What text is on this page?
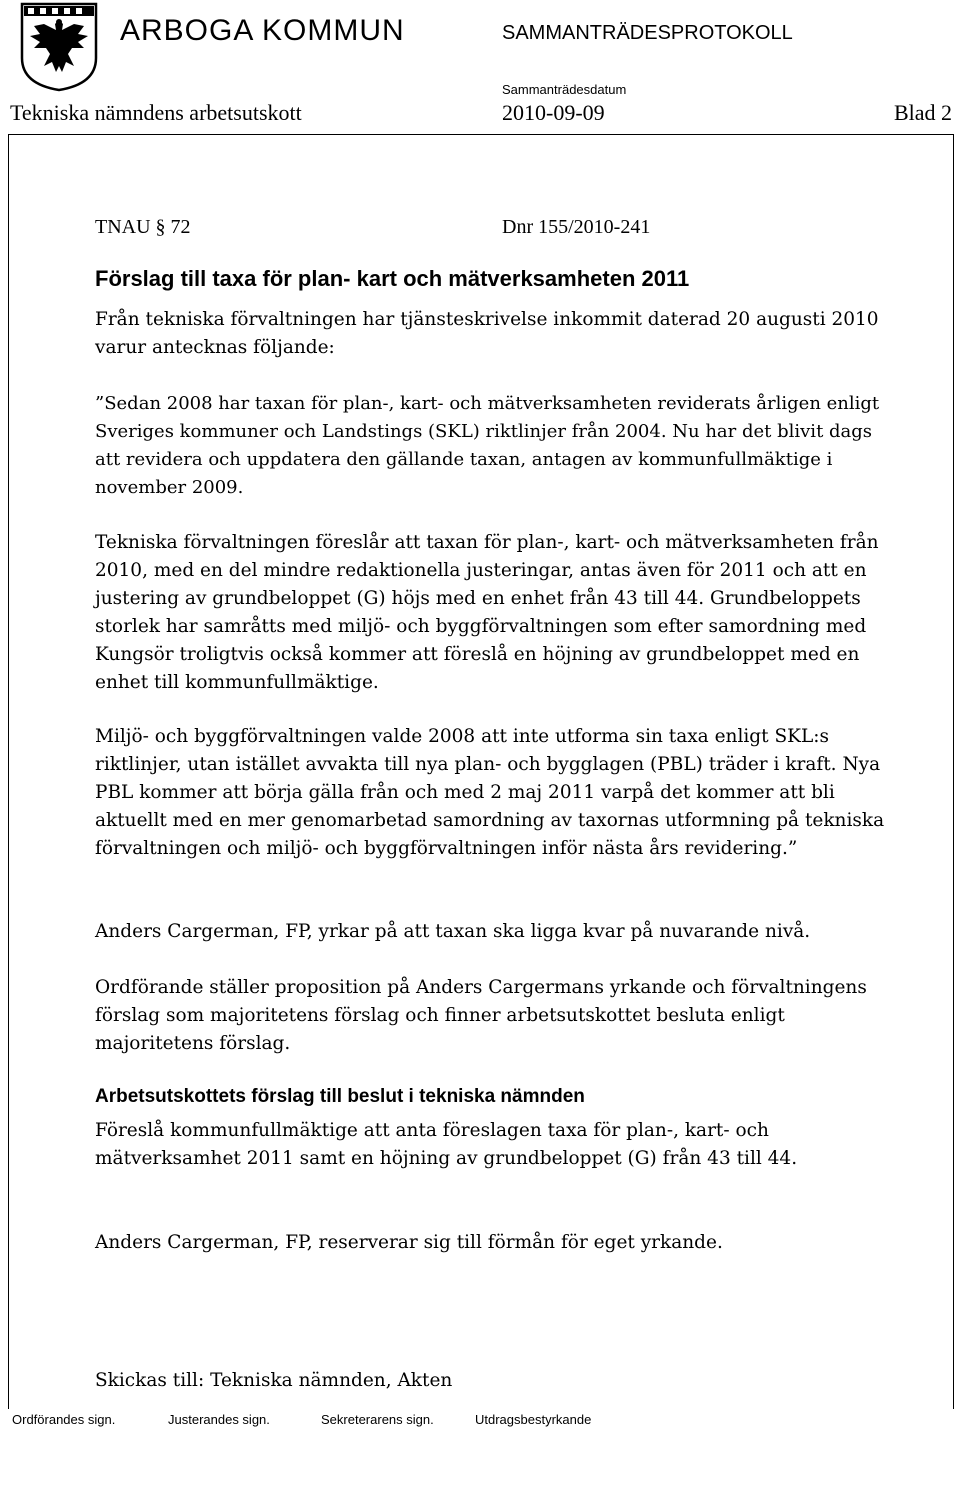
ARBOGA KOMMUN	SAMMANTRÄDESPROTOKOLL
Sammanträdesdatum
Tekniska nämndens arbetsutskott	2010-09-09	Blad 2
TNAU § 72	Dnr 155/2010-241
Förslag till taxa för plan- kart och mätverksamheten 2011
Från tekniska förvaltningen har tjänsteskrivelse inkommit daterad 20 augusti 2010 varur antecknas följande:
”Sedan 2008 har taxan för plan-, kart- och mätverksamheten reviderats årligen enligt Sveriges kommuner och Landstings (SKL) riktlinjer från 2004. Nu har det blivit dags att revidera och uppdatera den gällande taxan, antagen av kommunfullmäktige i november 2009.
Tekniska förvaltningen föreslår att taxan för plan-, kart- och mätverksamheten från 2010, med en del mindre redaktionella justeringar, antas även för 2011 och att en justering av grundbeloppet (G) höjs med en enhet från 43 till 44. Grundbeloppets storlek har samråtts med miljö- och byggförvaltningen som efter samordning med Kungsör troligtvis också kommer att föreslå en höjning av grundbeloppet med en enhet till kommunfullmäktige.
Miljö- och byggförvaltningen valde 2008 att inte utforma sin taxa enligt SKL:s riktlinjer, utan istället avvakta till nya plan- och bygglagen (PBL) träder i kraft. Nya PBL kommer att börja gälla från och med 2 maj 2011 varpå det kommer att bli aktuellt med en mer genomarbetad samordning av taxornas utformning på tekniska förvaltningen och miljö- och byggförvaltningen inför nästa års revidering.”
Anders Cargerman, FP, yrkar på att taxan ska ligga kvar på nuvarande nivå.
Ordförande ställer proposition på Anders Cargermans yrkande och förvaltningens förslag som majoritetens förslag och finner arbetsutskottet besluta enligt majoritetens förslag.
Arbetsutskottets förslag till beslut i tekniska nämnden
Föreslå kommunfullmäktige att anta föreslagen taxa för plan-, kart- och mätverksamhet 2011 samt en höjning av grundbeloppet (G) från 43 till 44.
Anders Cargerman, FP, reserverar sig till förmån för eget yrkande.
Skickas till: Tekniska nämnden, Akten
Ordförandes sign.	Justerandes sign.	Sekreterarens sign.	Utdragsbestyrkande
